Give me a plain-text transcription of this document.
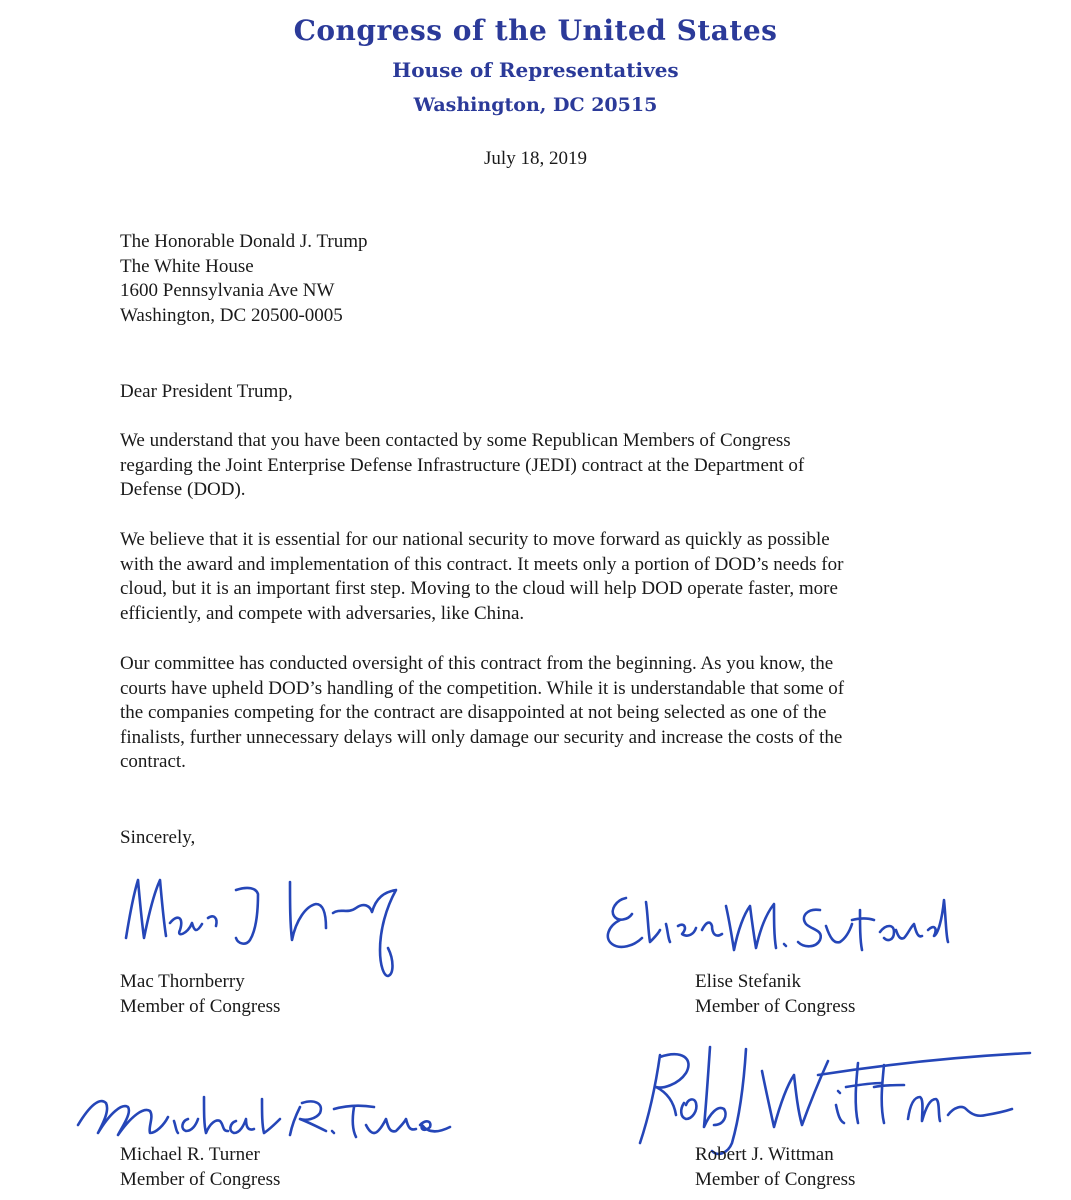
Congress of the United States
House of Representatives
Washington, DC 20515
July 18, 2019
The Honorable Donald J. Trump
The White House
1600 Pennsylvania Ave NW
Washington, DC 20500-0005
Dear President Trump,
We understand that you have been contacted by some Republican Members of Congress
regarding the Joint Enterprise Defense Infrastructure (JEDI) contract at the Department of
Defense (DOD).
We believe that it is essential for our national security to move forward as quickly as possible
with the award and implementation of this contract. It meets only a portion of DOD’s needs for
cloud, but it is an important first step. Moving to the cloud will help DOD operate faster, more
efficiently, and compete with adversaries, like China.
Our committee has conducted oversight of this contract from the beginning. As you know, the
courts have upheld DOD’s handling of the competition. While it is understandable that some of
the companies competing for the contract are disappointed at not being selected as one of the
finalists, further unnecessary delays will only damage our security and increase the costs of the
contract.
Sincerely,
Mac Thornberry
Member of Congress
Elise Stefanik
Member of Congress
Michael R. Turner
Member of Congress
Robert J. Wittman
Member of Congress
